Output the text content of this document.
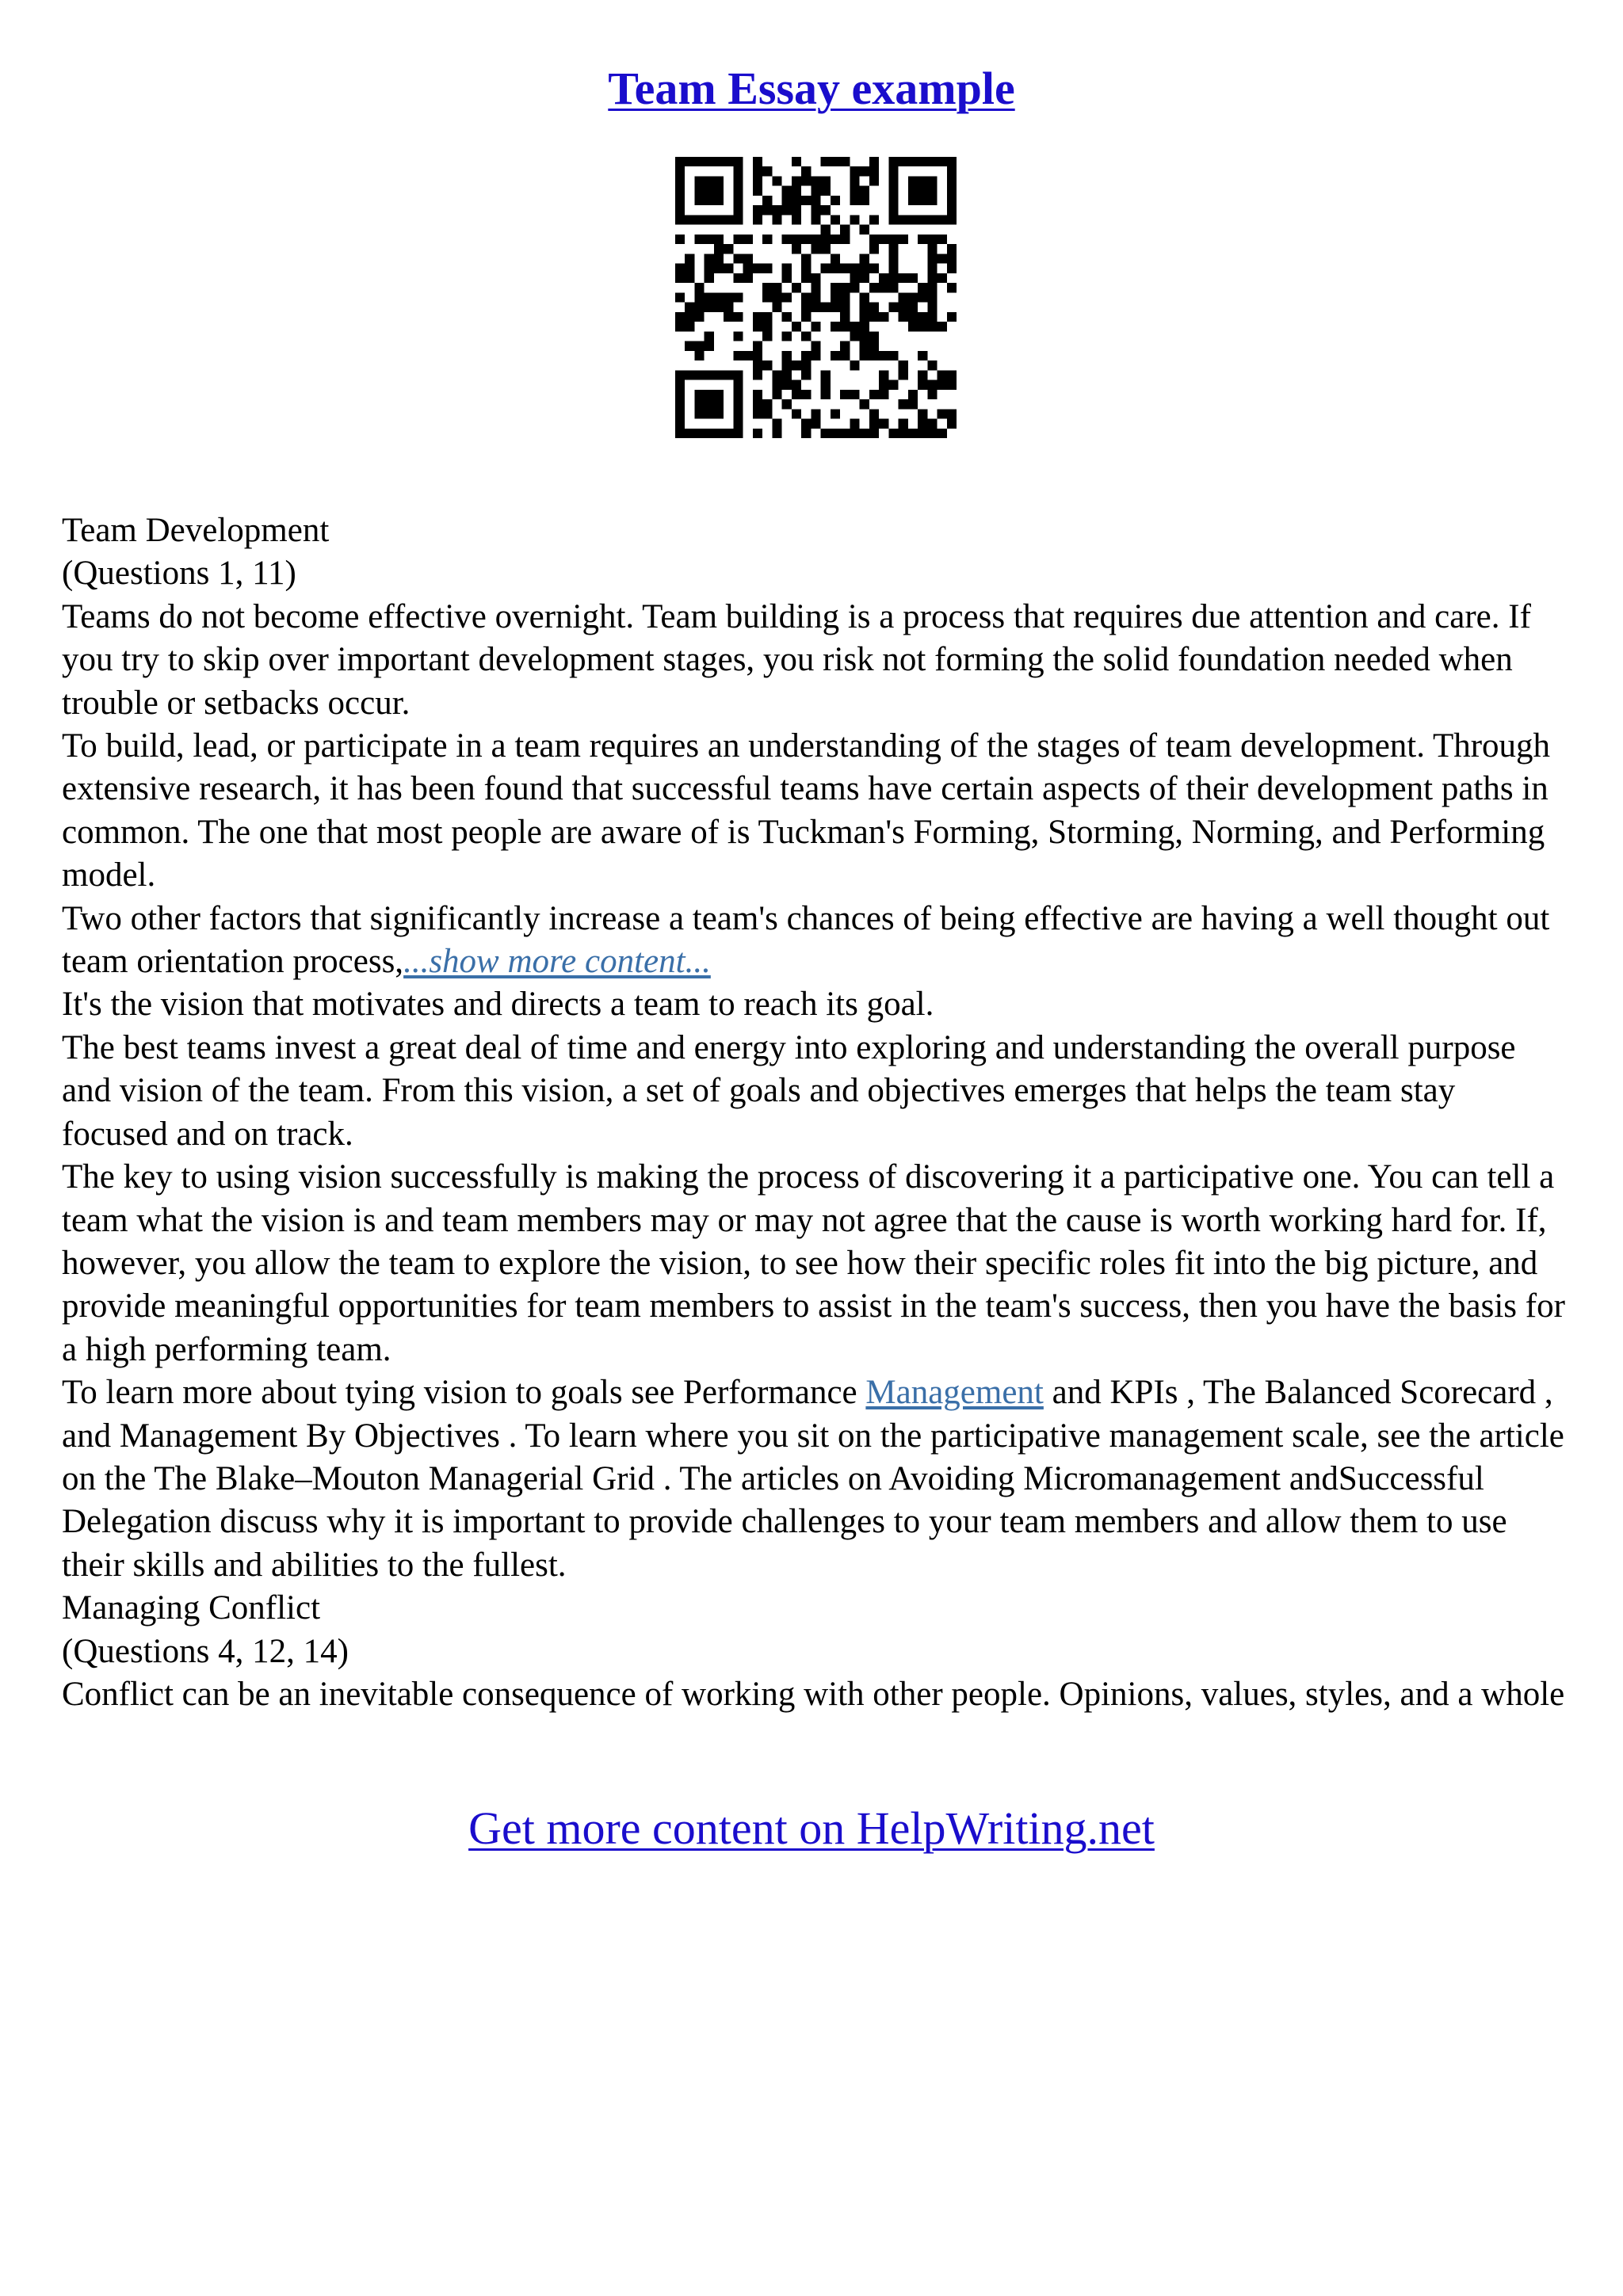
Team Essay example

Team Development

(Questions 1, 11)

Teams do not become effective overnight. Team building is a process that requires due attention and care. If you try to skip over important development stages, you risk not forming the solid foundation needed when trouble or setbacks occur.

To build, lead, or participate in a team requires an understanding of the stages of team development. Through extensive research, it has been found that successful teams have certain aspects of their development paths in common. The one that most people are aware of is Tuckman's Forming, Storming, Norming, and Performing model.

Two other factors that significantly increase a team's chances of being effective are having a well thought out team orientation process,...show more content...

It's the vision that motivates and directs a team to reach its goal.

The best teams invest a great deal of time and energy into exploring and understanding the overall purpose and vision of the team. From this vision, a set of goals and objectives emerges that helps the team stay focused and on track.

The key to using vision successfully is making the process of discovering it a participative one. You can tell a team what the vision is and team members may or may not agree that the cause is worth working hard for. If, however, you allow the team to explore the vision, to see how their specific roles fit into the big picture, and provide meaningful opportunities for team members to assist in the team's success, then you have the basis for a high performing team.

To learn more about tying vision to goals see Performance Management and KPIs , The Balanced Scorecard , and Management By Objectives . To learn where you sit on the participative management scale, see the article on the The Blake–Mouton Managerial Grid . The articles on Avoiding Micromanagement andSuccessful Delegation discuss why it is important to provide challenges to your team members and allow them to use their skills and abilities to the fullest.

Managing Conflict

(Questions 4, 12, 14)

Conflict can be an inevitable consequence of working with other people. Opinions, values, styles, and a whole

Get more content on HelpWriting.net
